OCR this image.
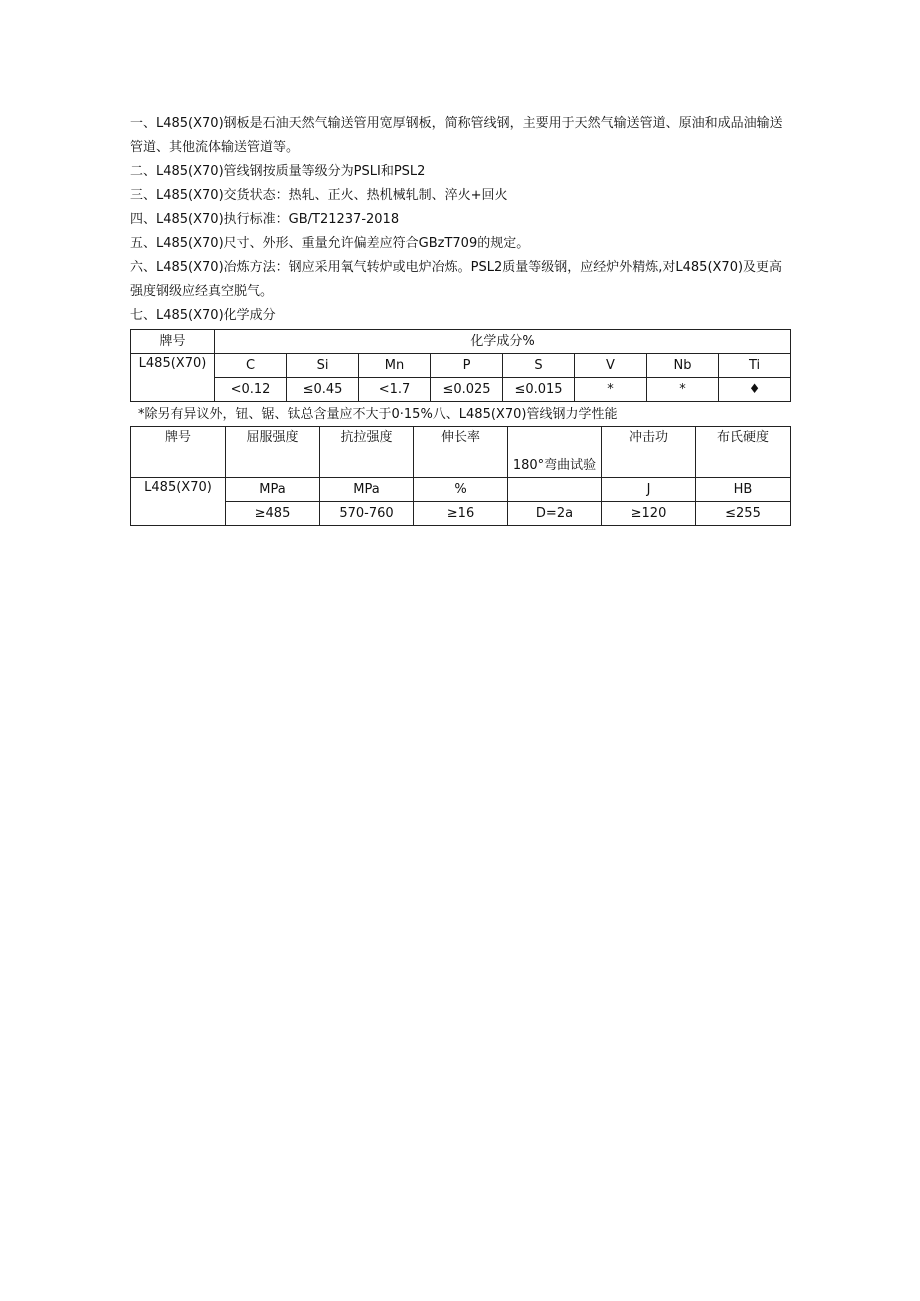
一、L485(X70)钢板是石油天然气输送管用宽厚钢板，简称管线钢，主要用于天然气输送管道、原油和成品油输送管道、其他流体输送管道等。

二、L485(X70)管线钢按质量等级分为PSLI和PSL2

三、L485(X70)交货状态：热轧、正火、热机械轧制、淬火+回火

四、L485(X70)执行标准：GB/T21237-2018

五、L485(X70)尺寸、外形、重量允许偏差应符合GBzT709的规定。

六、L485(X70)冶炼方法：钢应采用氧气转炉或电炉冶炼。PSL2质量等级钢，应经炉外精炼,对L485(X70)及更高强度钢级应经真空脱气。

七、L485(X70)化学成分

牌号	化学成分%							
L485(X70)	C	Si	Mn	P	S	V	Nb	Ti
	<0.12	≤0.45	<1.7	≤0.025	≤0.015	*	*	♦

*除另有异议外，钮、锯、钛总含量应不大于0·15%八、L485(X70)管线钢力学性能

牌号	屈服强度	抗拉强度	伸长率	180°弯曲试验	冲击功	布氏硬度
L485(X70)	MPa	MPa	%		J	HB
	≥485	570-760	≥16	D=2a	≥120	≤255
